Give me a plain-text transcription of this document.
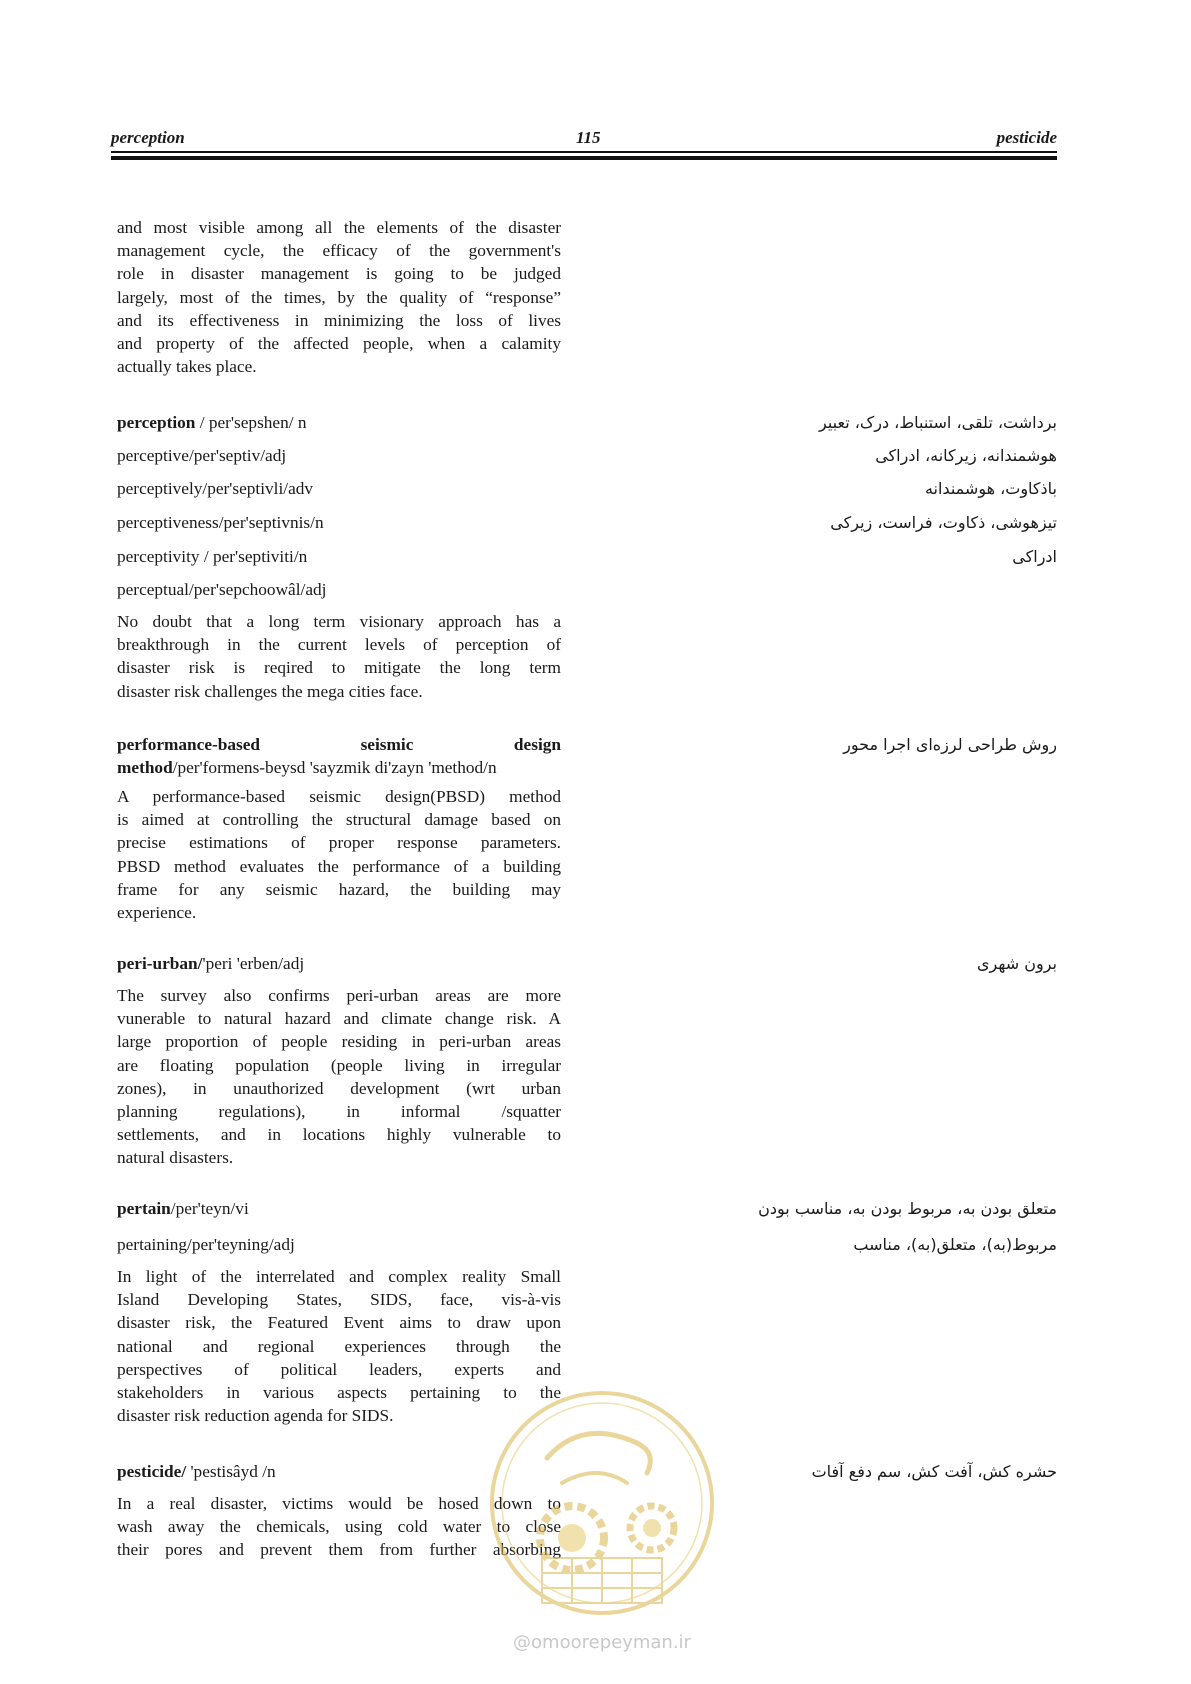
perception	115	pesticide
and most visible among all the elements of the disaster
management cycle, the efficacy of the government's
role in disaster management is going to be judged
largely, most of the times, by the quality of “response”
and its effectiveness in minimizing the loss of lives
and property of the affected people, when a calamity
actually takes place.
perception / per'sepshen/ n	برداشت، تلقی، استنباط، درک، تعبیر
perceptive/per'septiv/adj	هوشمندانه، زیرکانه، ادراکی
perceptively/per'septivli/adv	باذکاوت، هوشمندانه
perceptiveness/per'septivnis/n	تیزهوشی، ذکاوت، فراست، زیرکی
perceptivity / per'septiviti/n	ادراکی
perceptual/per'sepchoowâl/adj
No doubt that a long term visionary approach has a
breakthrough in the current levels of perception of
disaster risk is reqired to mitigate the long term
disaster risk challenges the mega cities face.
performance-based seismic design
method/per'formens-beysd 'sayzmik di'zayn 'method/n
روش طراحی لرزه‌ای اجرا محور
A performance-based seismic design(PBSD) method
is aimed at controlling the structural damage based on
precise estimations of proper response parameters.
PBSD method evaluates the performance of a building
frame for any seismic hazard, the building may
experience.
peri-urban/'peri 'erben/adj	برون شهری
The survey also confirms peri-urban areas are more
vunerable to natural hazard and climate change risk. A
large proportion of people residing in peri-urban areas
are floating population (people living in irregular
zones), in unauthorized development (wrt urban
planning regulations), in informal /squatter
settlements, and in locations highly vulnerable to
natural disasters.
pertain/per'teyn/vi	متعلق بودن به، مربوط بودن به، مناسب بودن
pertaining/per'teyning/adj	مربوط(به)، متعلق(به)، مناسب
In light of the interrelated and complex reality Small
Island Developing States, SIDS, face, vis-à-vis
disaster risk, the Featured Event aims to draw upon
national and regional experiences through the
perspectives of political leaders, experts and
stakeholders in various aspects pertaining to the
disaster risk reduction agenda for SIDS.
pesticide/ 'pestisâyd /n	حشره کش، آفت کش، سم دفع آفات
In a real disaster, victims would be hosed down to
wash away the chemicals, using cold water to close
their pores and prevent them from further absorbing
@omoorepeyman.ir
